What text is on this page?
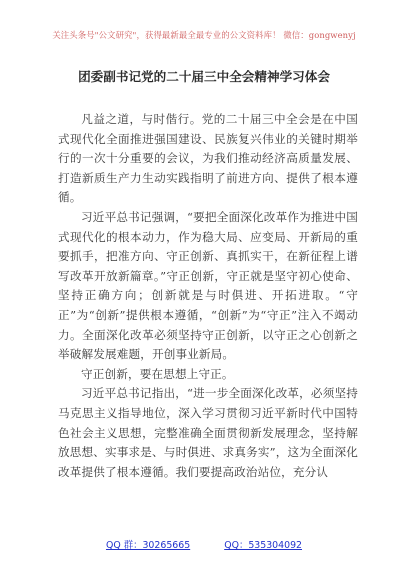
关注头条号"公文研究"，获得最新最全最专业的公文资料库！ 微信：gongwenyj
团委副书记党的二十届三中全会精神学习体会

凡益之道，与时偕行。党的二十届三中全会是在中国式现代化全面推进强国建设、民族复兴伟业的关键时期举行的一次十分重要的会议，为我们推动经济高质量发展、打造新质生产力生动实践指明了前进方向、提供了根本遵循。

习近平总书记强调，“要把全面深化改革作为推进中国式现代化的根本动力，作为稳大局、应变局、开新局的重要抓手，把准方向、守正创新、真抓实干，在新征程上谱写改革开放新篇章。”守正创新，守正就是坚守初心使命、坚持正确方向；创新就是与时俱进、开拓进取。“守正”为“创新”提供根本遵循，“创新”为“守正”注入不竭动力。全面深化改革必须坚持守正创新，以守正之心创新之举破解发展难题，开创事业新局。

守正创新，要在思想上守正。

习近平总书记指出，“进一步全面深化改革，必须坚持马克思主义指导地位，深入学习贯彻习近平新时代中国特色社会主义思想，完整准确全面贯彻新发展理念，坚持解放思想、实事求是、与时俱进、求真务实”，这为全面深化改革提供了根本遵循。我们要提高政治站位，充分认

QQ 群：30265665	QQ：535304092
